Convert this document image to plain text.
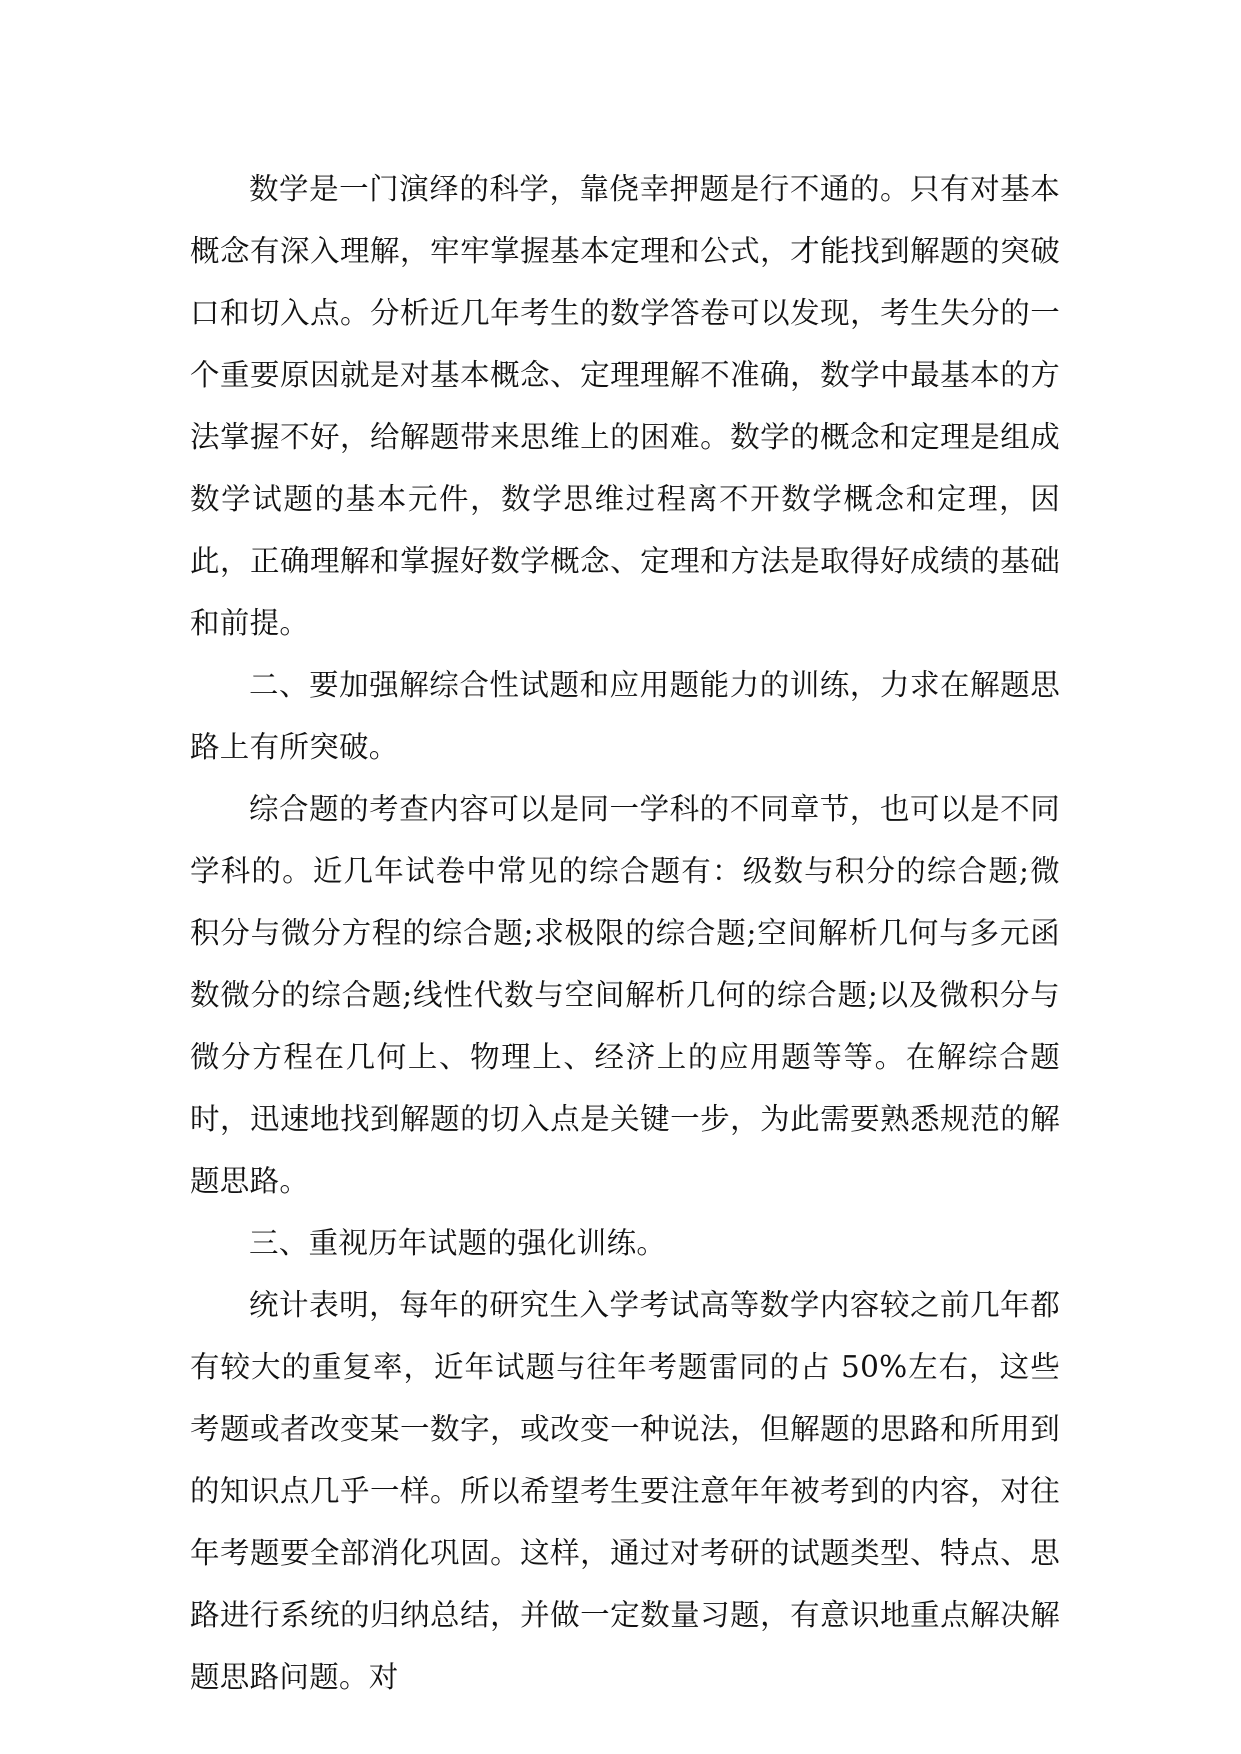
数学是一门演绎的科学，靠侥幸押题是行不通的。只有对基本概念有深入理解，牢牢掌握基本定理和公式，才能找到解题的突破口和切入点。分析近几年考生的数学答卷可以发现，考生失分的一个重要原因就是对基本概念、定理理解不准确，数学中最基本的方法掌握不好，给解题带来思维上的困难。数学的概念和定理是组成数学试题的基本元件，数学思维过程离不开数学概念和定理，因此，正确理解和掌握好数学概念、定理和方法是取得好成绩的基础和前提。

二、要加强解综合性试题和应用题能力的训练，力求在解题思路上有所突破。

综合题的考查内容可以是同一学科的不同章节，也可以是不同学科的。近几年试卷中常见的综合题有：级数与积分的综合题;微积分与微分方程的综合题;求极限的综合题;空间解析几何与多元函数微分的综合题;线性代数与空间解析几何的综合题;以及微积分与微分方程在几何上、物理上、经济上的应用题等等。在解综合题时，迅速地找到解题的切入点是关键一步，为此需要熟悉规范的解题思路。

三、重视历年试题的强化训练。

统计表明，每年的研究生入学考试高等数学内容较之前几年都有较大的重复率，近年试题与往年考题雷同的占 50%左右，这些考题或者改变某一数字，或改变一种说法，但解题的思路和所用到的知识点几乎一样。所以希望考生要注意年年被考到的内容，对往年考题要全部消化巩固。这样，通过对考研的试题类型、特点、思路进行系统的归纳总结，并做一定数量习题，有意识地重点解决解题思路问题。对
